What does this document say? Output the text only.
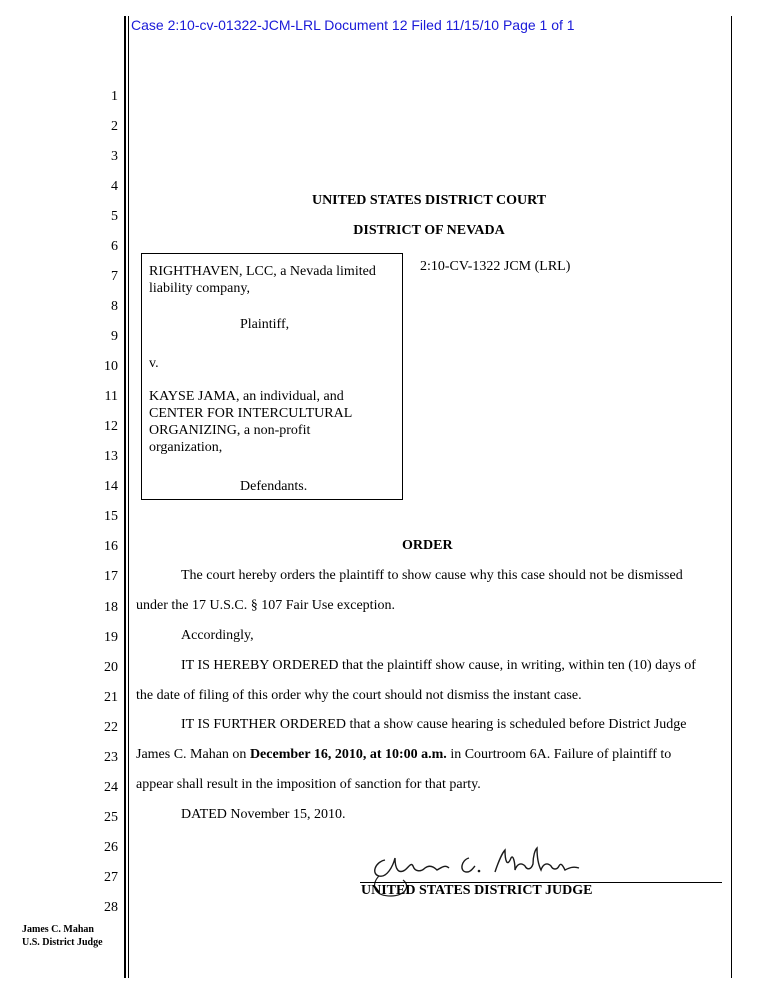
Case 2:10-cv-01322-JCM-LRL Document 12 Filed 11/15/10 Page 1 of 1
1
2
3
4
5
6
7
8
9
10
11
12
13
14
15
16
17
18
19
20
21
22
23
24
25
26
27
28
UNITED STATES DISTRICT COURT
DISTRICT OF NEVADA
RIGHTHAVEN, LCC, a Nevada limited
liability company,
Plaintiff,
v.
KAYSE JAMA, an individual, and
CENTER FOR INTERCULTURAL
ORGANIZING, a non-profit
organization,
Defendants.
2:10-CV-1322 JCM (LRL)
ORDER
The court hereby orders the plaintiff to show cause why this case should not be dismissed
under the 17 U.S.C. § 107 Fair Use exception.
Accordingly,
IT IS HEREBY ORDERED that the plaintiff show cause, in writing, within ten (10) days of
the date of filing of this order why the court should not dismiss the instant case.
IT IS FURTHER ORDERED that a show cause hearing is scheduled before District Judge
James C. Mahan on December 16, 2010, at 10:00 a.m. in Courtroom 6A. Failure of plaintiff to
appear shall result in the imposition of sanction for that party.
DATED November 15, 2010.
UNITED STATES DISTRICT JUDGE
James C. Mahan
U.S. District Judge
